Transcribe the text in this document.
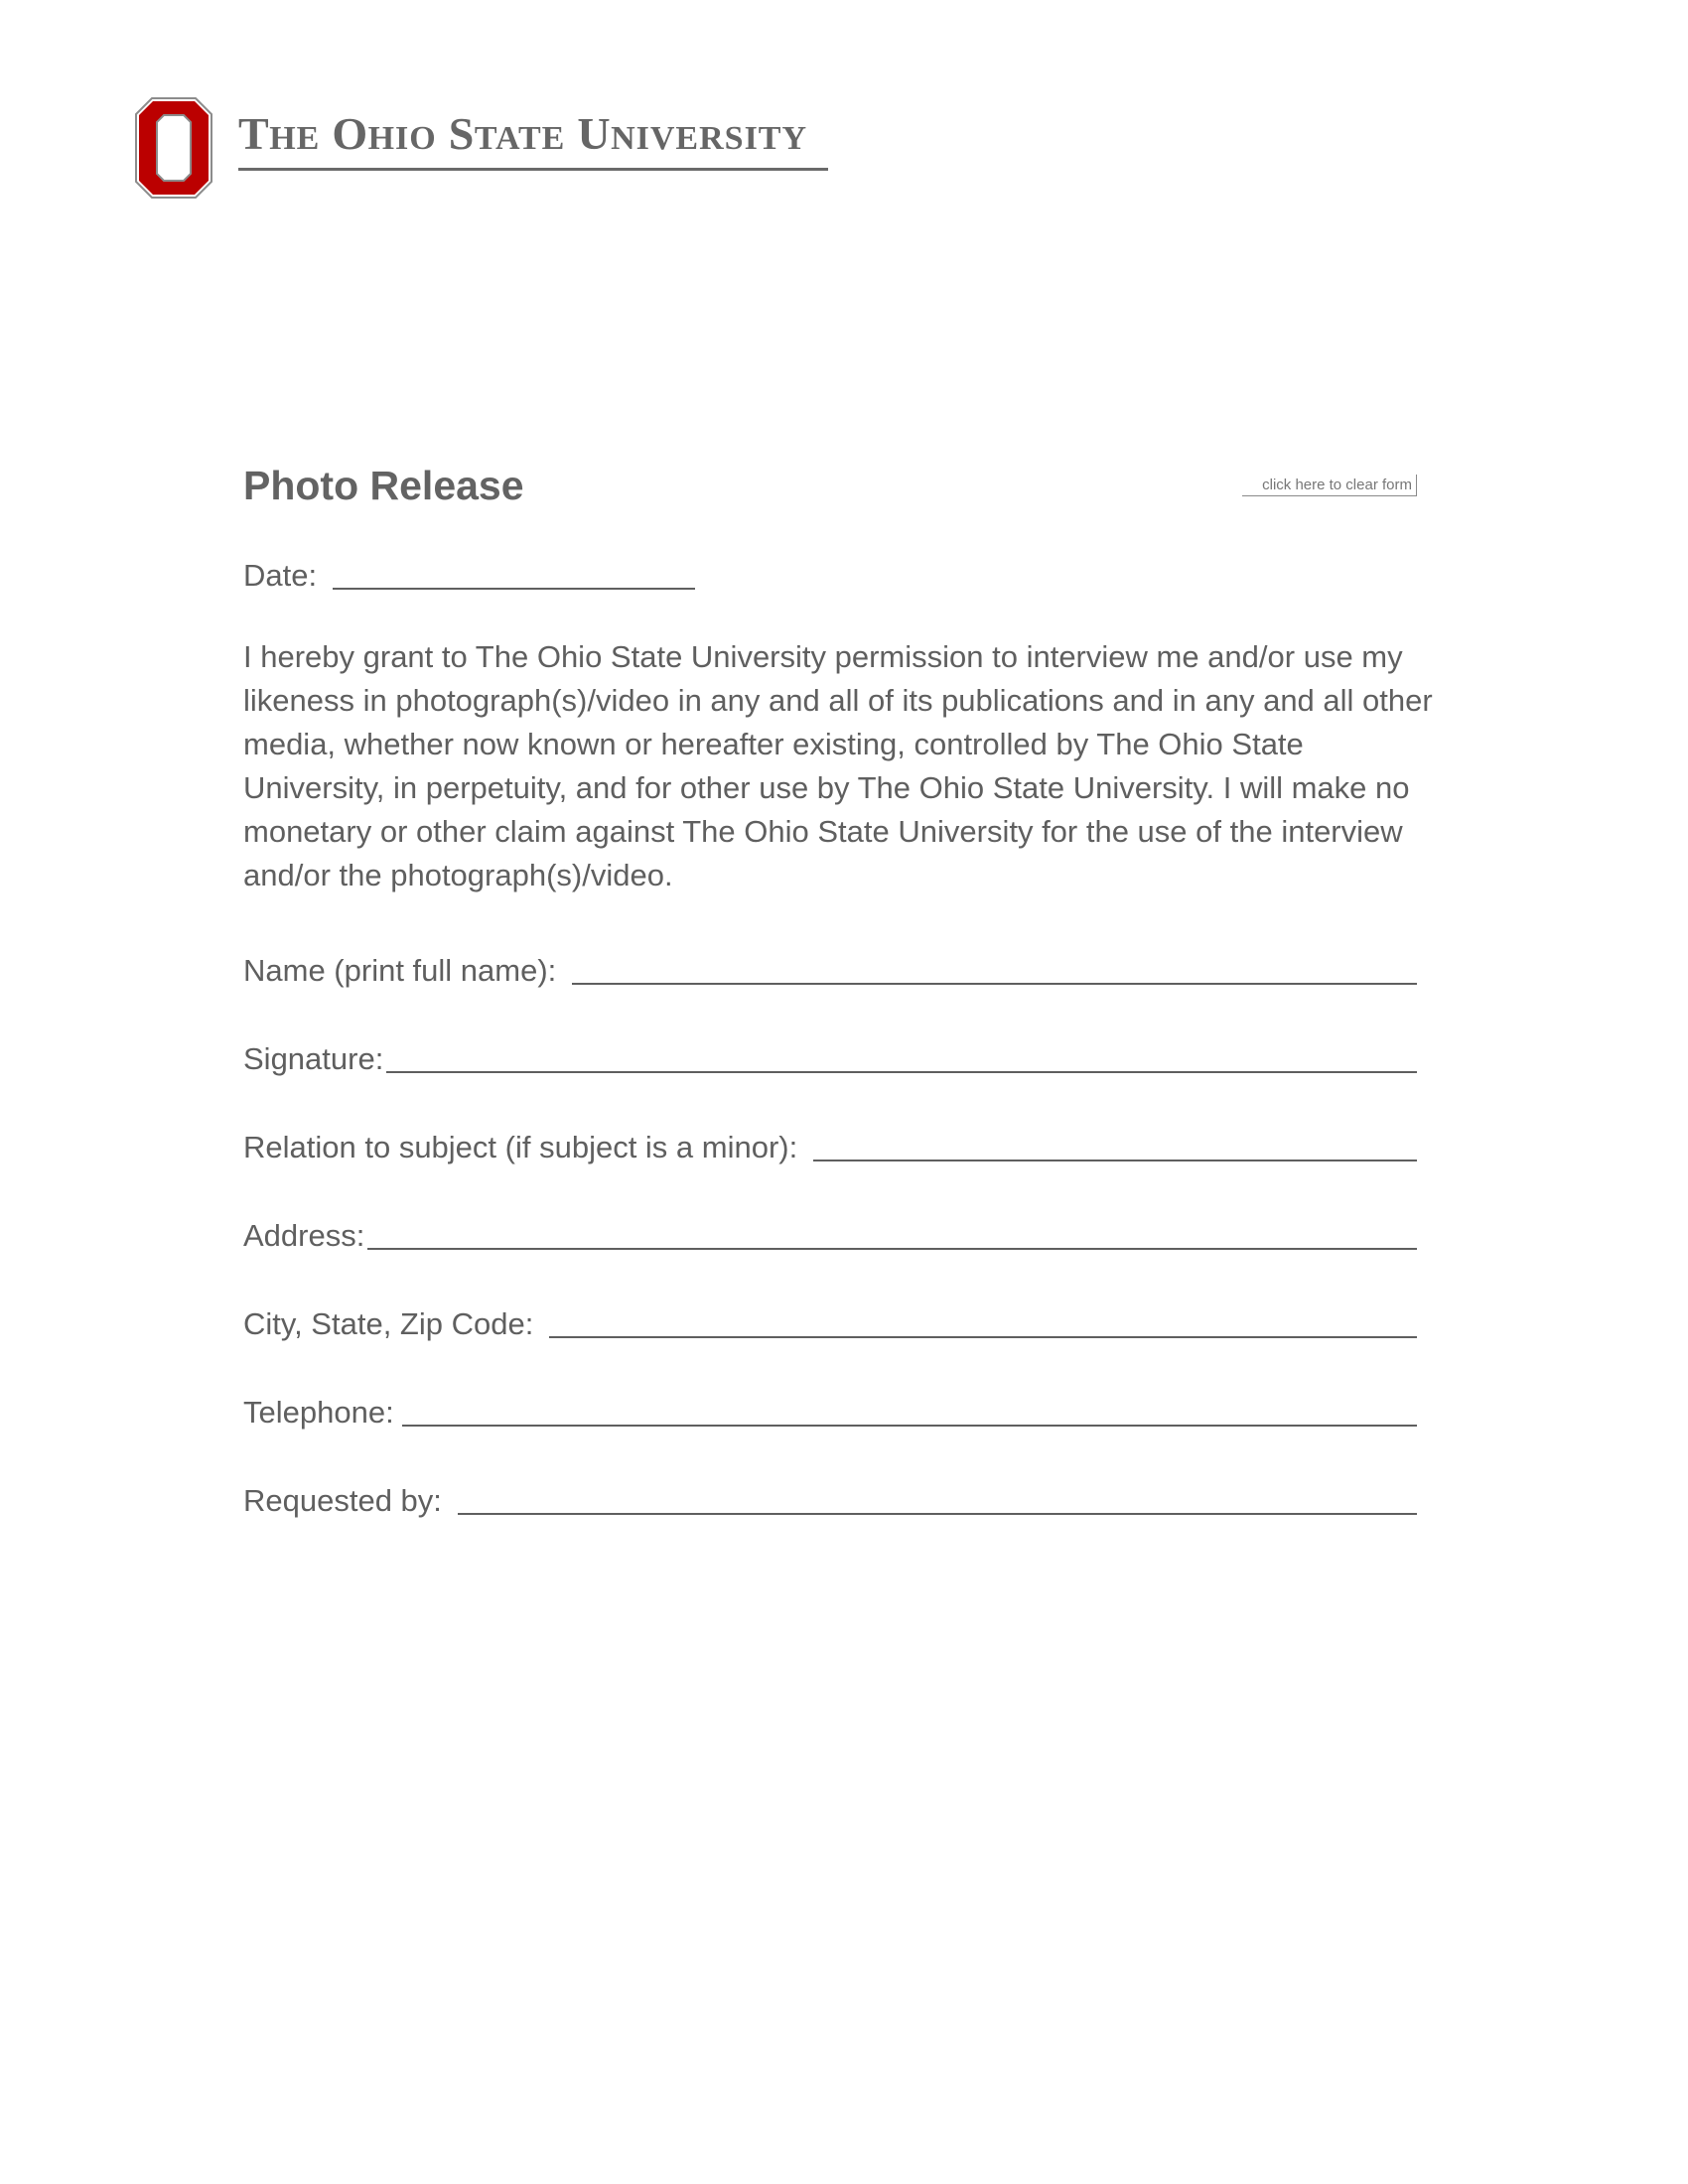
THE OHIO STATE UNIVERSITY
Photo Release	click here to clear form
Date:

I hereby grant to The Ohio State University permission to interview me and/or use my likeness in photograph(s)/video in any and all of its publications and in any and all other media, whether now known or hereafter existing, controlled by The Ohio State University, in perpetuity, and for other use by The Ohio State University. I will make no monetary or other claim against The Ohio State University for the use of the interview and/or the photograph(s)/video.

Name (print full name):
Signature:
Relation to subject (if subject is a minor):
Address:
City, State, Zip Code:
Telephone:
Requested by:
